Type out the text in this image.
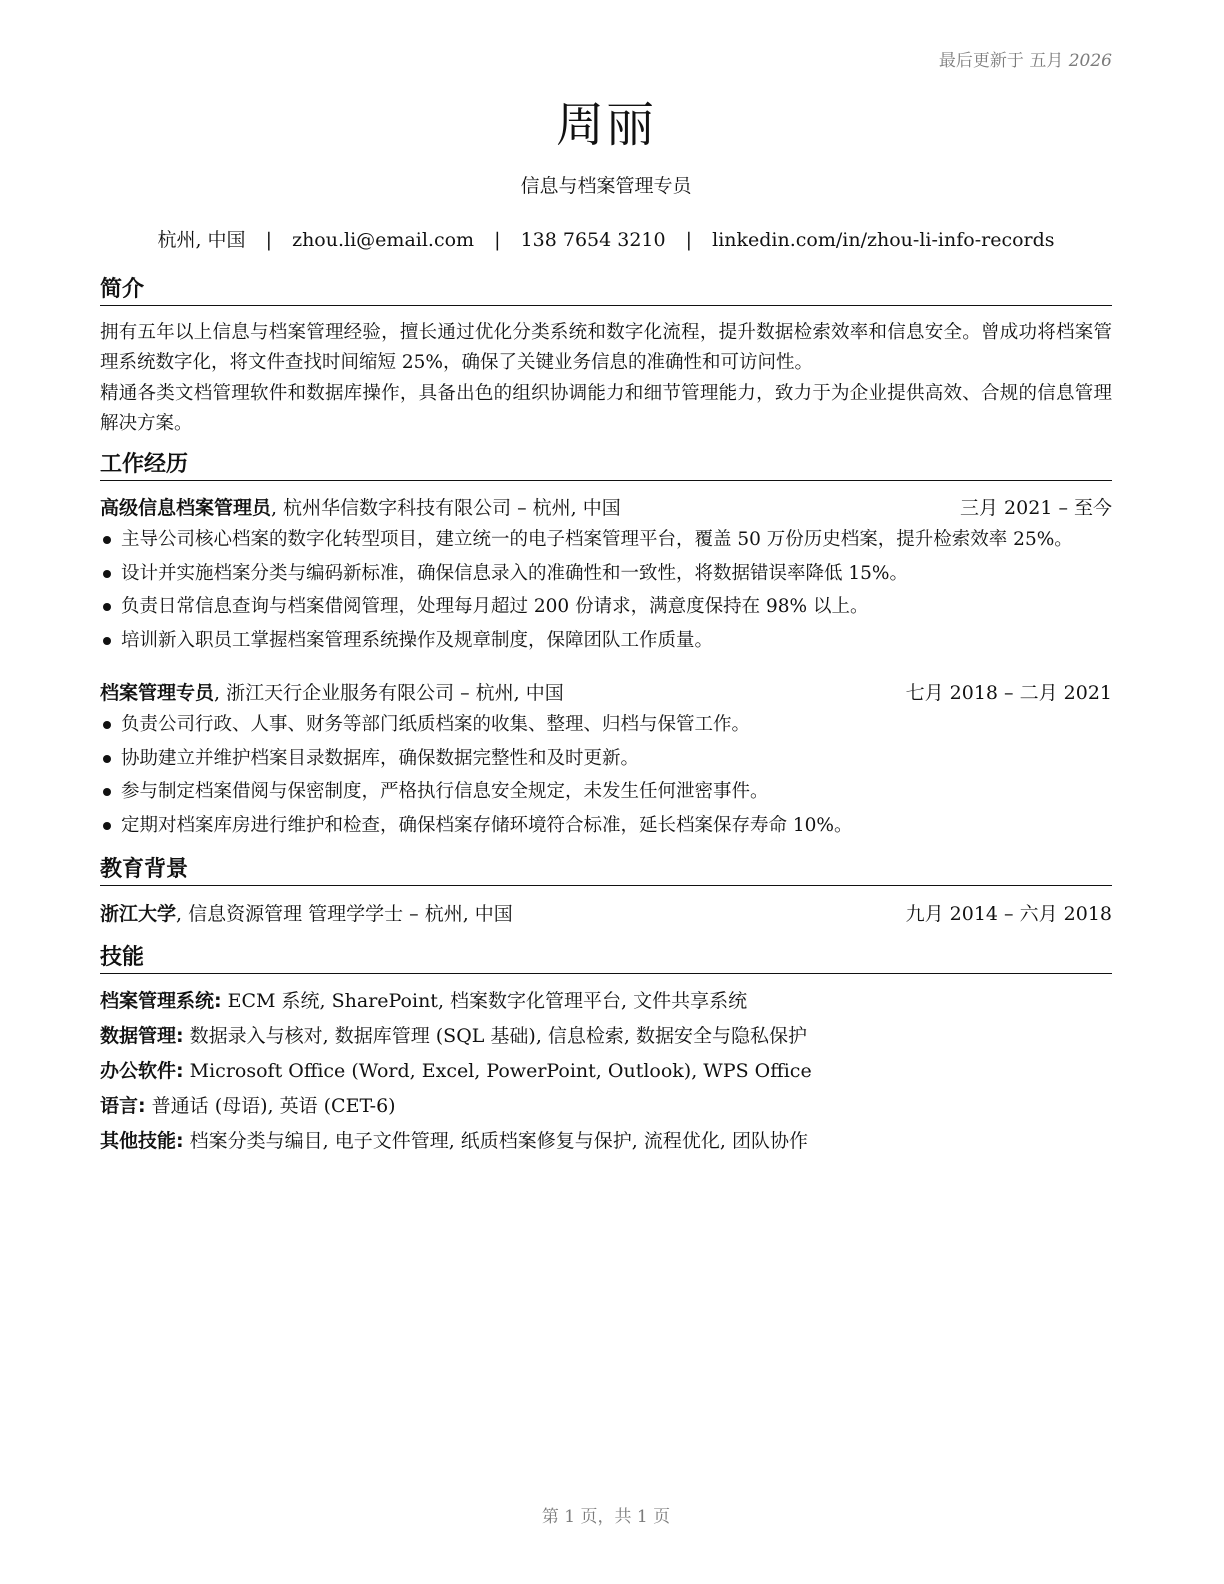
最后更新于 五月 2026
周丽
信息与档案管理专员
杭州, 中国 | zhou.li@email.com | 138 7654 3210 | linkedin.com/in/zhou-li-info-records
简介
拥有五年以上信息与档案管理经验，擅长通过优化分类系统和数字化流程，提升数据检索效率和信息安全。曾成功将档案管理系统数字化，将文件查找时间缩短 25%，确保了关键业务信息的准确性和可访问性。
精通各类文档管理软件和数据库操作，具备出色的组织协调能力和细节管理能力，致力于为企业提供高效、合规的信息管理解决方案。
工作经历
高级信息档案管理员, 杭州华信数字科技有限公司 – 杭州, 中国	三月 2021 – 至今
主导公司核心档案的数字化转型项目，建立统一的电子档案管理平台，覆盖 50 万份历史档案，提升检索效率 25%。
设计并实施档案分类与编码新标准，确保信息录入的准确性和一致性，将数据错误率降低 15%。
负责日常信息查询与档案借阅管理，处理每月超过 200 份请求，满意度保持在 98% 以上。
培训新入职员工掌握档案管理系统操作及规章制度，保障团队工作质量。
档案管理专员, 浙江天行企业服务有限公司 – 杭州, 中国	七月 2018 – 二月 2021
负责公司行政、人事、财务等部门纸质档案的收集、整理、归档与保管工作。
协助建立并维护档案目录数据库，确保数据完整性和及时更新。
参与制定档案借阅与保密制度，严格执行信息安全规定，未发生任何泄密事件。
定期对档案库房进行维护和检查，确保档案存储环境符合标准，延长档案保存寿命 10%。
教育背景
浙江大学, 信息资源管理 管理学学士 – 杭州, 中国	九月 2014 – 六月 2018
技能
档案管理系统: ECM 系统, SharePoint, 档案数字化管理平台, 文件共享系统
数据管理: 数据录入与核对, 数据库管理 (SQL 基础), 信息检索, 数据安全与隐私保护
办公软件: Microsoft Office (Word, Excel, PowerPoint, Outlook), WPS Office
语言: 普通话 (母语), 英语 (CET-6)
其他技能: 档案分类与编目, 电子文件管理, 纸质档案修复与保护, 流程优化, 团队协作
第 1 页，共 1 页
